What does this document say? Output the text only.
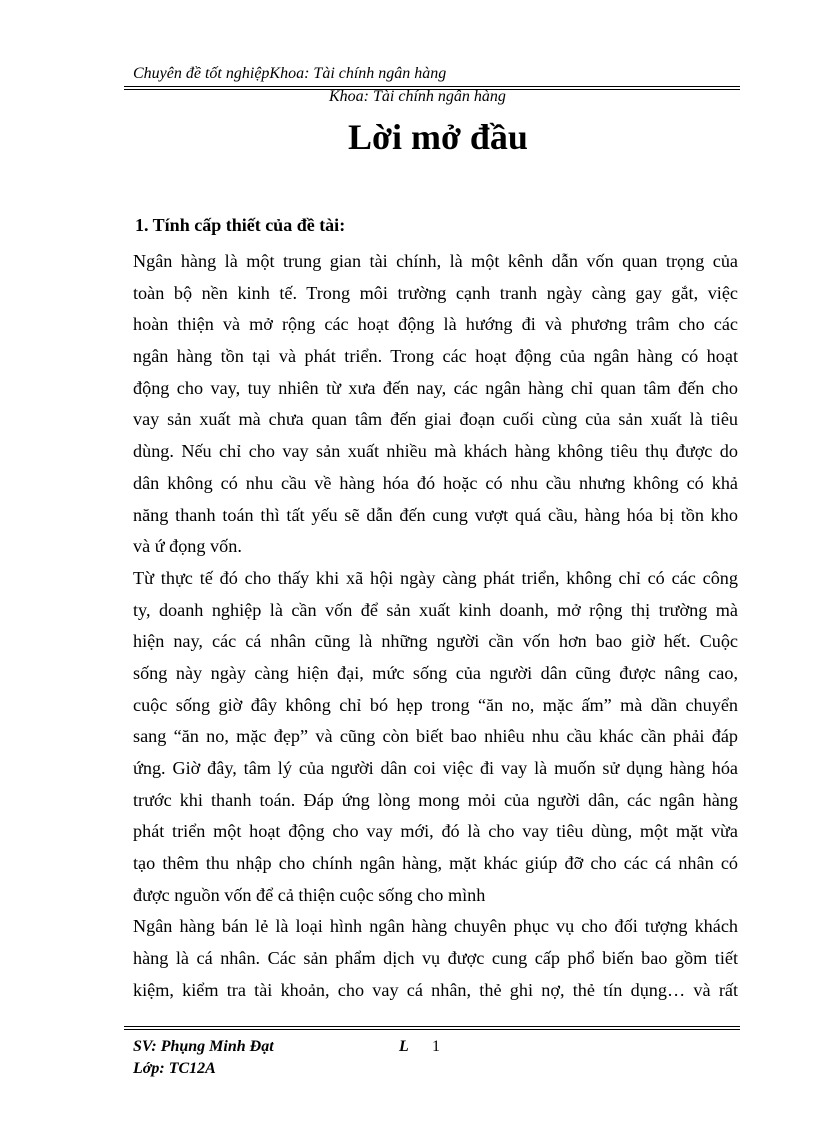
Chuyên đề tốt nghiệpKhoa: Tài chính ngân hàng
Khoa: Tài chính ngân hàng
Lời mở đầu
1. Tính cấp thiết của đề tài:
Ngân hàng là một trung gian tài chính, là một kênh dẫn vốn quan trọng của
toàn bộ nền kinh tế. Trong môi trường cạnh tranh ngày càng gay gắt, việc
hoàn thiện và mở rộng các hoạt động là hướng đi và phương trâm cho các
ngân hàng tồn tại và phát triển. Trong các hoạt động của ngân hàng có hoạt
động cho vay, tuy nhiên từ xưa đến nay, các ngân hàng chỉ quan tâm đến cho
vay sản xuất mà chưa quan tâm đến giai đoạn cuối cùng của sản xuất là tiêu
dùng. Nếu chỉ cho vay sản xuất nhiều mà khách hàng không tiêu thụ được do
dân không có nhu cầu về hàng hóa đó hoặc có nhu cầu nhưng không có khả
năng thanh toán thì tất yếu sẽ dẫn đến cung vượt quá cầu, hàng hóa bị tồn kho
và ứ đọng vốn.
Từ thực tế đó cho thấy khi xã hội ngày càng phát triển, không chỉ có các công
ty, doanh nghiệp là cần vốn để sản xuất kinh doanh, mở rộng thị trường mà
hiện nay, các cá nhân cũng là những người cần vốn hơn bao giờ hết. Cuộc
sống này ngày càng hiện đại, mức sống của người dân cũng được nâng cao,
cuộc sống giờ đây không chỉ bó hẹp trong “ăn no, mặc ấm” mà dần chuyển
sang “ăn no, mặc đẹp” và cũng còn biết bao nhiêu nhu cầu khác cần phải đáp
ứng. Giờ đây, tâm lý của người dân coi việc đi vay là muốn sử dụng hàng hóa
trước khi thanh toán. Đáp ứng lòng mong mỏi của người dân, các ngân hàng
phát triển một hoạt động cho vay mới, đó là cho vay tiêu dùng, một mặt vừa
tạo thêm thu nhập cho chính ngân hàng, mặt khác giúp đỡ cho các cá nhân có
được nguồn vốn để cả thiện cuộc sống cho mình
Ngân hàng bán lẻ là loại hình ngân hàng chuyên phục vụ cho đối tượng khách
hàng là cá nhân. Các sản phẩm dịch vụ được cung cấp phổ biến bao gồm tiết
kiệm, kiểm tra tài khoản, cho vay cá nhân, thẻ ghi nợ, thẻ tín dụng… và rất
SV: Phụng Minh Đạt
Lớp: TC12A
L 1
